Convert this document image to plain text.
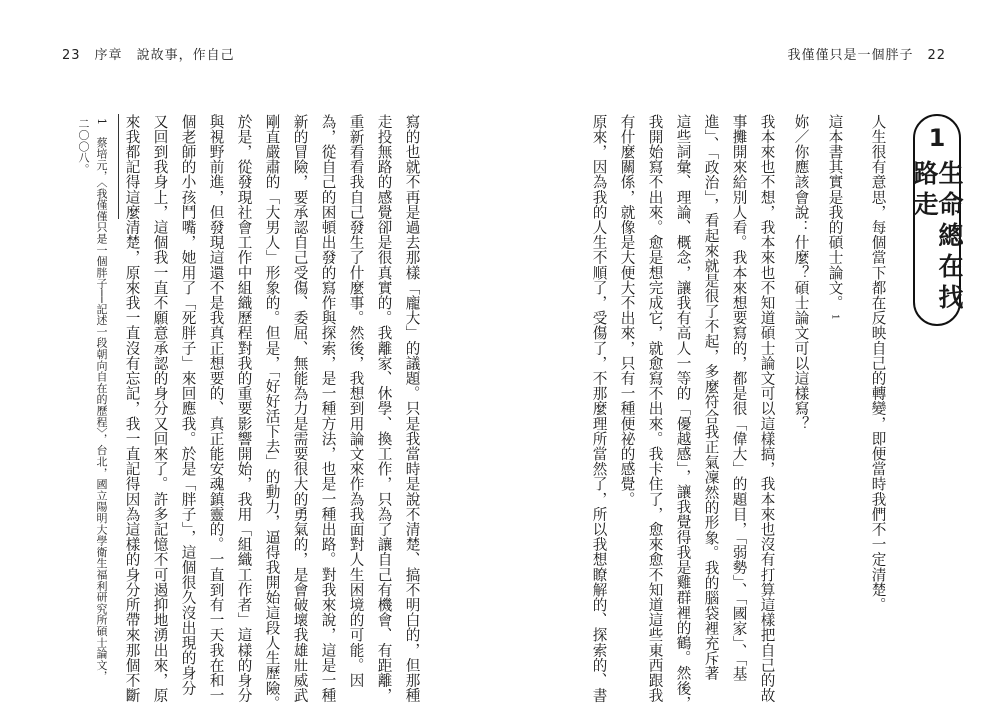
23 序章 說故事，作自己	我僅僅只是一個胖子 22
1
生命總在找路走
人生很有意思，每個當下都在反映自己的轉變，即便當時我們不一定清楚。
這本書其實是我的碩士論文。1
妳／你應該會說：什麼？碩士論文可以這樣寫？
我本來也不想，我本來也不知道碩士論文可以這樣搞，我本來也沒有打算這樣把自己的故
事攤開來給別人看。我本來想要寫的，都是很「偉大」的題目，「弱勢」、「國家」、「基
進」、「政治」，看起來就是很了不起，多麼符合我正氣凜然的形象。我的腦袋裡充斥著
這些詞彙、理論、概念，讓我有高人一等的「優越感」，讓我覺得我是雞群裡的鶴。然後，
我開始寫不出來。愈是想完成它，就愈寫不出來。我卡住了，愈來愈不知道這些東西跟我
有什麼關係，就像是大便大不出來，只有一種便祕的感覺。
原來，因為我的人生不順了，受傷了，不那麼理所當然了，所以我想瞭解的、探索的、書
寫的也就不再是過去那樣「龐大」的議題。只是我當時是說不清楚、搞不明白的，但那種
走投無路的感覺卻是很真實的。我離家、休學、換工作，只為了讓自己有機會、有距離，
重新看看我自己發生了什麼事。然後，我想到用論文來作為我面對人生困境的可能。因
為，從自己的困頓出發的寫作與探索，是一種方法，也是一種出路。對我來說，這是一種
新的冒險，要承認自己受傷、委屈、無能為力是需要很大的勇氣的，是會破壞我雄壯威武
剛直嚴肅的「大男人」形象的。但是，「好好活下去」的動力，逼得我開始這段人生歷險。
於是，從發現社會工作中組織歷程對我的重要影響開始，我用「組織工作者」這樣的身分
與視野前進，但發現這還不是我真正想要的、真正能安魂鎮靈的。一直到有一天我在和一
個老師的小孩鬥嘴，她用了「死胖子」來回應我。於是「胖子」，這個很久沒出現的身分
又回到我身上，這個我一直不願意承認的身分又回來了。許多記憶不可遏抑地湧出來，原
來我都記得這麼清楚，原來我一直沒有忘記，我一直記得因為這樣的身分所帶來那個不斷
1　蔡培元，〈我僅僅只是一個胖子──記述一段朝向自在的歷程〉，台北，國立陽明大學衛生福利研究所碩士論文，
二〇〇八。
